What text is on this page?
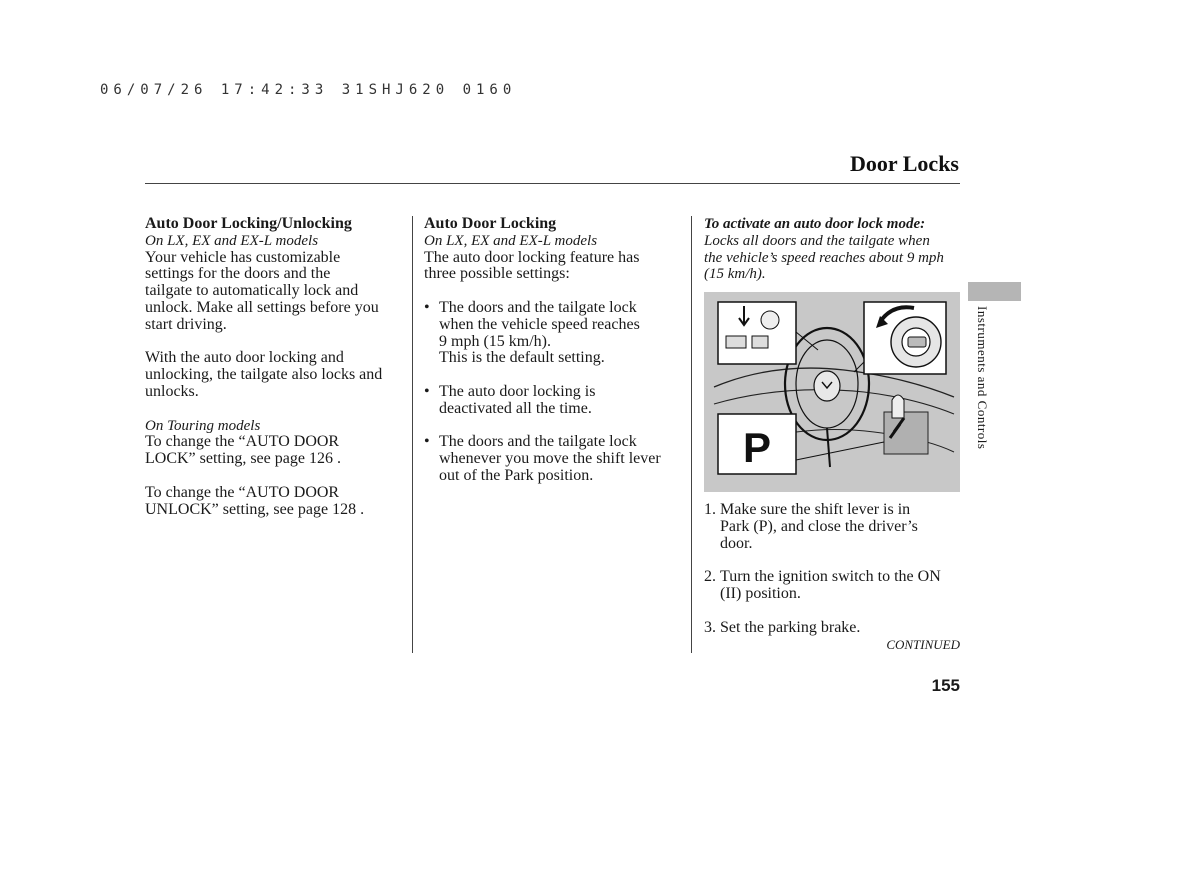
06/07/26 17:42:33 31SHJ620 0160
Door Locks

Auto Door Locking/Unlocking

On LX, EX and EX-L models

Your vehicle has customizable

settings for the doors and the

tailgate to automatically lock and

unlock. Make all settings before you

start driving.

With the auto door locking and

unlocking, the tailgate also locks and

unlocks.

On Touring models

To change the “AUTO DOOR

LOCK” setting, see page 126 .

To change the “AUTO DOOR

UNLOCK” setting, see page 128 .

Auto Door Locking

On LX, EX and EX-L models

The auto door locking feature has

three possible settings:

• The doors and the tailgate lock

when the vehicle speed reaches

9 mph (15 km/h).

This is the default setting.

• The auto door locking is

deactivated all the time.

• The doors and the tailgate lock

whenever you move the shift lever

out of the Park position.

To activate an auto door lock mode:

Locks all doors and the tailgate when

the vehicle’s speed reaches about 9 mph

(15 km/h).

P
1. Make sure the shift lever is in

Park (P), and close the driver’s

door.

2. Turn the ignition switch to the ON

(II) position.

3. Set the parking brake.

Instruments and Controls
CONTINUED
155
